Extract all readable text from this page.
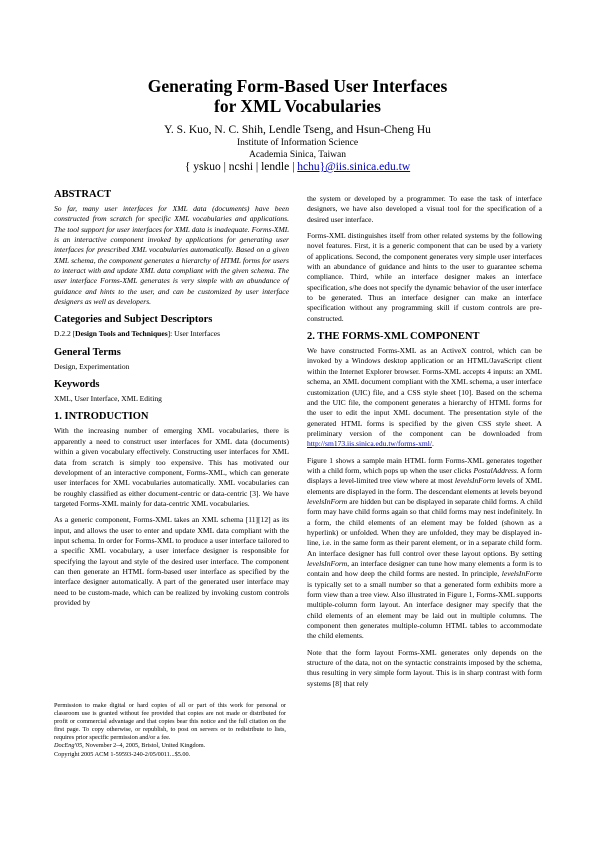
Generating Form-Based User Interfaces
for XML Vocabularies
Y. S. Kuo, N. C. Shih, Lendle Tseng, and Hsun-Cheng Hu
Institute of Information Science
Academia Sinica, Taiwan
{ yskuo | ncshi | lendle | hchu}@iis.sinica.edu.tw
ABSTRACT

So far, many user interfaces for XML data (documents) have been constructed from scratch for specific XML vocabularies and applications. The tool support for user interfaces for XML data is inadequate. Forms-XML is an interactive component invoked by applications for generating user interfaces for prescribed XML vocabularies automatically. Based on a given XML schema, the component generates a hierarchy of HTML forms for users to interact with and update XML data compliant with the given schema. The user interface Forms-XML generates is very simple with an abundance of guidance and hints to the user, and can be customized by user interface designers as well as developers.

Categories and Subject Descriptors

D.2.2 [Design Tools and Techniques]: User Interfaces

General Terms

Design, Experimentation

Keywords

XML, User Interface, XML Editing

1. INTRODUCTION

With the increasing number of emerging XML vocabularies, there is apparently a need to construct user interfaces for XML data (documents) within a given vocabulary effectively. Constructing user interfaces for XML data from scratch is simply too expensive. This has motivated our development of an interactive component, Forms-XML, which can generate user interfaces for XML vocabularies automatically. XML vocabularies can be roughly classified as either document-centric or data-centric [3]. We have targeted Forms-XML mainly for data-centric XML vocabularies.

As a generic component, Forms-XML takes an XML schema [11][12] as its input, and allows the user to enter and update XML data compliant with the input schema. In order for Forms-XML to produce a user interface tailored to a specific XML vocabulary, a user interface designer is responsible for specifying the layout and style of the desired user interface. The component can then generate an HTML form-based user interface as specified by the interface designer automatically. A part of the generated user interface may need to be custom-made, which can be realized by invoking custom controls provided by

Permission to make digital or hard copies of all or part of this work for personal or classroom use is granted without fee provided that copies are not made or distributed for profit or commercial advantage and that copies bear this notice and the full citation on the first page. To copy otherwise, or republish, to post on servers or to redistribute to lists, requires prior specific permission and/or a fee.

DocEng'05, November 2–4, 2005, Bristol, United Kingdom.

Copyright 2005 ACM 1-59593-240-2/05/0011...$5.00.

the system or developed by a programmer. To ease the task of interface designers, we have also developed a visual tool for the specification of a desired user interface.

Forms-XML distinguishes itself from other related systems by the following novel features. First, it is a generic component that can be used by a variety of applications. Second, the component generates very simple user interfaces with an abundance of guidance and hints to the user to guarantee schema compliance. Third, while an interface designer makes an interface specification, s/he does not specify the dynamic behavior of the user interface to be generated. Thus an interface designer can make an interface specification without any programming skill if custom controls are pre-constructed.

2. THE FORMS-XML COMPONENT

We have constructed Forms-XML as an ActiveX control, which can be invoked by a Windows desktop application or an HTML/JavaScript client within the Internet Explorer browser. Forms-XML accepts 4 inputs: an XML schema, an XML document compliant with the XML schema, a user interface customization (UIC) file, and a CSS style sheet [10]. Based on the schema and the UIC file, the component generates a hierarchy of HTML forms for the user to edit the input XML document. The presentation style of the generated HTML forms is specified by the given CSS style sheet. A preliminary version of the component can be downloaded from http://sm173.iis.sinica.edu.tw/forms-xml/.

Figure 1 shows a sample main HTML form Forms-XML generates together with a child form, which pops up when the user clicks PostalAddress. A form displays a level-limited tree view where at most levelsInForm levels of XML elements are displayed in the form. The descendant elements at levels beyond levelsInForm are hidden but can be displayed in separate child forms. A child form may have child forms again so that child forms may nest indefinitely. In a form, the child elements of an element may be folded (shown as a hyperlink) or unfolded. When they are unfolded, they may be displayed in-line, i.e. in the same form as their parent element, or in a separate child form. An interface designer has full control over these layout options. By setting levelsInForm, an interface designer can tune how many elements a form is to contain and how deep the child forms are nested. In principle, levelsInForm is typically set to a small number so that a generated form exhibits more a form view than a tree view. Also illustrated in Figure 1, Forms-XML supports multiple-column form layout. An interface designer may specify that the child elements of an element may be laid out in multiple columns. The component then generates multiple-column HTML tables to accommodate the child elements.

Note that the form layout Forms-XML generates only depends on the structure of the data, not on the syntactic constraints imposed by the schema, thus resulting in very simple form layout. This is in sharp contrast with form systems [8] that rely
